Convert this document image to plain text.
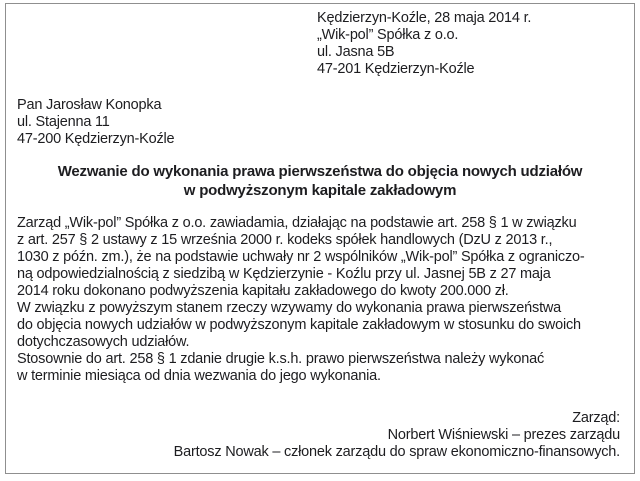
Kędzierzyn-Koźle, 28 maja 2014 r.
„Wik-pol” Spółka z o.o.
ul. Jasna 5B
47-201 Kędzierzyn-Koźle
Pan Jarosław Konopka
ul. Stajenna 11
47-200 Kędzierzyn-Koźle
Wezwanie do wykonania prawa pierwszeństwa do objęcia nowych udziałów
w podwyższonym kapitale zakładowym
Zarząd „Wik-pol” Spółka z o.o. zawiadamia, działając na podstawie art. 258 § 1 w związku
z art. 257 § 2 ustawy z 15 września 2000 r. kodeks spółek handlowych (DzU z 2013 r.,
1030 z późn. zm.), że na podstawie uchwały nr 2 wspólników „Wik-pol” Spółka z ograniczo-
ną odpowiedzialnością z siedzibą w Kędzierzynie - Koźlu przy ul. Jasnej 5B z 27 maja
2014 roku dokonano podwyższenia kapitału zakładowego do kwoty 200.000 zł.
W związku z powyższym stanem rzeczy wzywamy do wykonania prawa pierwszeństwa
do objęcia nowych udziałów w podwyższonym kapitale zakładowym w stosunku do swoich
dotychczasowych udziałów.
Stosownie do art. 258 § 1 zdanie drugie k.s.h. prawo pierwszeństwa należy wykonać
w terminie miesiąca od dnia wezwania do jego wykonania.
Zarząd:
Norbert Wiśniewski – prezes zarządu
Bartosz Nowak – członek zarządu do spraw ekonomiczno-finansowych.
